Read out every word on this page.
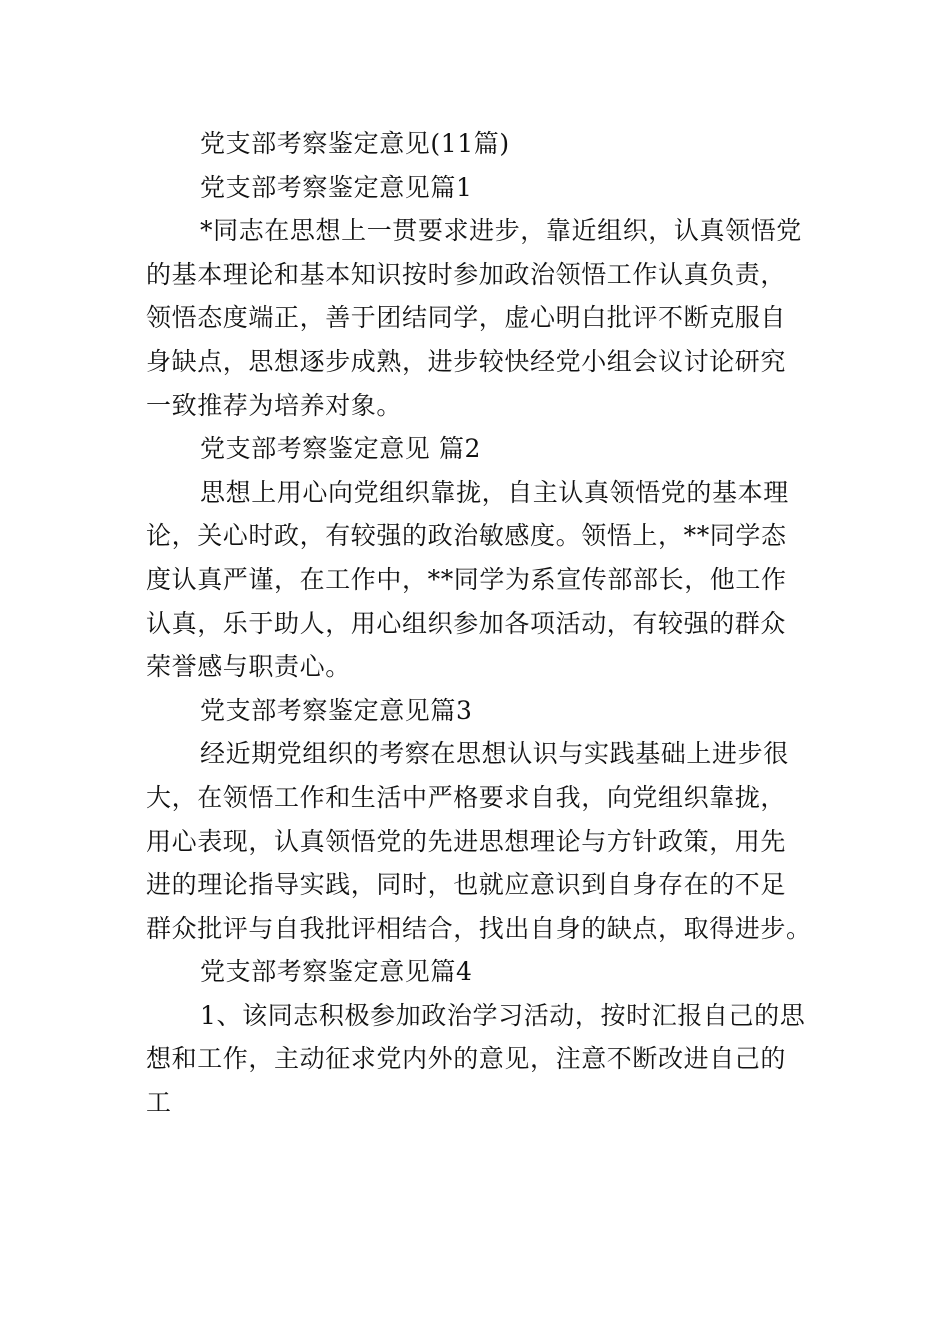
党支部考察鉴定意见(11篇)
党支部考察鉴定意见篇1
*同志在思想上一贯要求进步，靠近组织，认真领悟党
的基本理论和基本知识按时参加政治领悟工作认真负责，
领悟态度端正，善于团结同学，虚心明白批评不断克服自
身缺点，思想逐步成熟，进步较快经党小组会议讨论研究
一致推荐为培养对象。
党支部考察鉴定意见 篇2
思想上用心向党组织靠拢，自主认真领悟党的基本理
论，关心时政，有较强的政治敏感度。领悟上，**同学态
度认真严谨，在工作中，**同学为系宣传部部长，他工作
认真，乐于助人，用心组织参加各项活动，有较强的群众
荣誉感与职责心。
党支部考察鉴定意见篇3
经近期党组织的考察在思想认识与实践基础上进步很
大，在领悟工作和生活中严格要求自我，向党组织靠拢，
用心表现，认真领悟党的先进思想理论与方针政策，用先
进的理论指导实践，同时，也就应意识到自身存在的不足
群众批评与自我批评相结合，找出自身的缺点，取得进步。
党支部考察鉴定意见篇4
1、该同志积极参加政治学习活动，按时汇报自己的思
想和工作，主动征求党内外的意见，注意不断改进自己的
工
